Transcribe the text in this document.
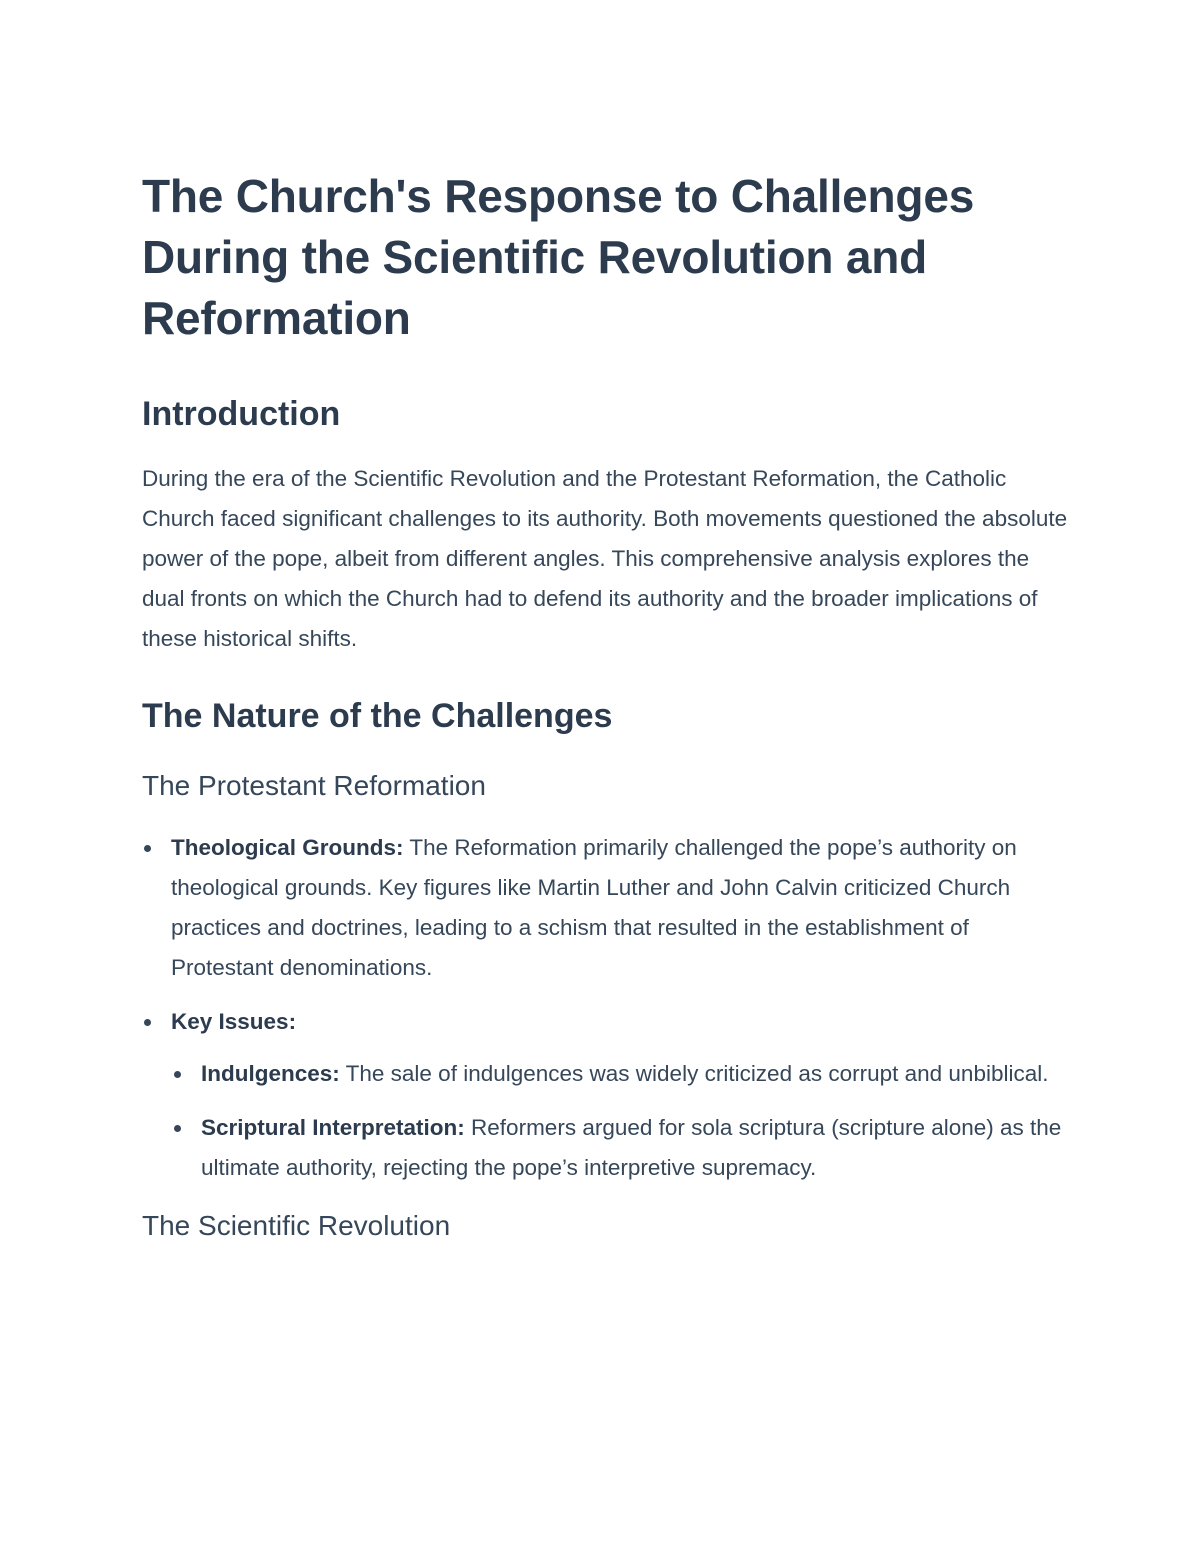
The Church's Response to Challenges During the Scientific Revolution and Reformation
Introduction

During the era of the Scientific Revolution and the Protestant Reformation, the Catholic Church faced significant challenges to its authority. Both movements questioned the absolute power of the pope, albeit from different angles. This comprehensive analysis explores the dual fronts on which the Church had to defend its authority and the broader implications of these historical shifts.

The Nature of the Challenges
The Protestant Reformation
Theological Grounds: The Reformation primarily challenged the pope’s authority on theological grounds. Key figures like Martin Luther and John Calvin criticized Church practices and doctrines, leading to a schism that resulted in the establishment of Protestant denominations.
Key Issues:
Indulgences: The sale of indulgences was widely criticized as corrupt and unbiblical.
Scriptural Interpretation: Reformers argued for sola scriptura (scripture alone) as the ultimate authority, rejecting the pope’s interpretive supremacy.
The Scientific Revolution
